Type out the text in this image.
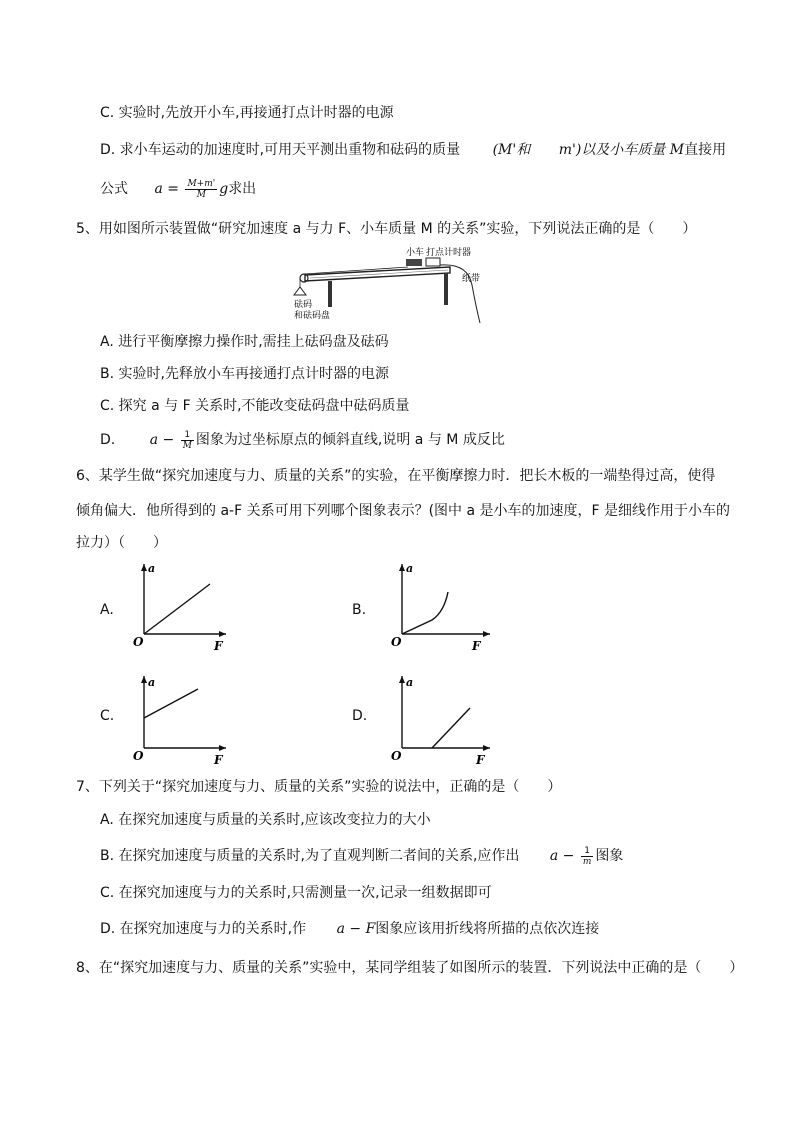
C. 实验时,先放开小车,再接通打点计时器的电源
D. 求小车运动的加速度时,可用天平测出重物和砝码的质量 (M'和 m')以及小车质量 M直接用
公式 $a = \frac{M+m'}{M}$ g求出
5、用如图所示装置做“研究加速度 a 与力 F、小车质量 M 的关系”实验，下列说法正确的是（　　）
小车 打点计时器
纸带
砝码
和砝码盘
A. 进行平衡摩擦力操作时,需挂上砝码盘及砝码
B. 实验时,先释放小车再接通打点计时器的电源
C. 探究 a 与 F 关系时,不能改变砝码盘中砝码质量
D. $a - \frac{1}{M}$ 图象为过坐标原点的倾斜直线,说明 a 与 M 成反比
6、某学生做“探究加速度与力、质量的关系”的实验，在平衡摩擦力时．把长木板的一端垫得过高，使得
倾角偏大．他所得到的 a-F 关系可用下列哪个图象表示？(图中 a 是小车的加速度，F 是细线作用于小车的
拉力）（　　）
A.
a
F
O
B.
a
F
O
C.
a
F
O
D.
a
F
O
7、下列关于“探究加速度与力、质量的关系”实验的说法中，正确的是（　　）
A. 在探究加速度与质量的关系时,应该改变拉力的大小
B. 在探究加速度与质量的关系时,为了直观判断二者间的关系,应作出 $a - \frac{1}{m}$ 图象
C. 在探究加速度与力的关系时,只需测量一次,记录一组数据即可
D. 在探究加速度与力的关系时,作 a − F图象应该用折线将所描的点依次连接
8、在“探究加速度与力、质量的关系”实验中，某同学组装了如图所示的装置．下列说法中正确的是（　　）
